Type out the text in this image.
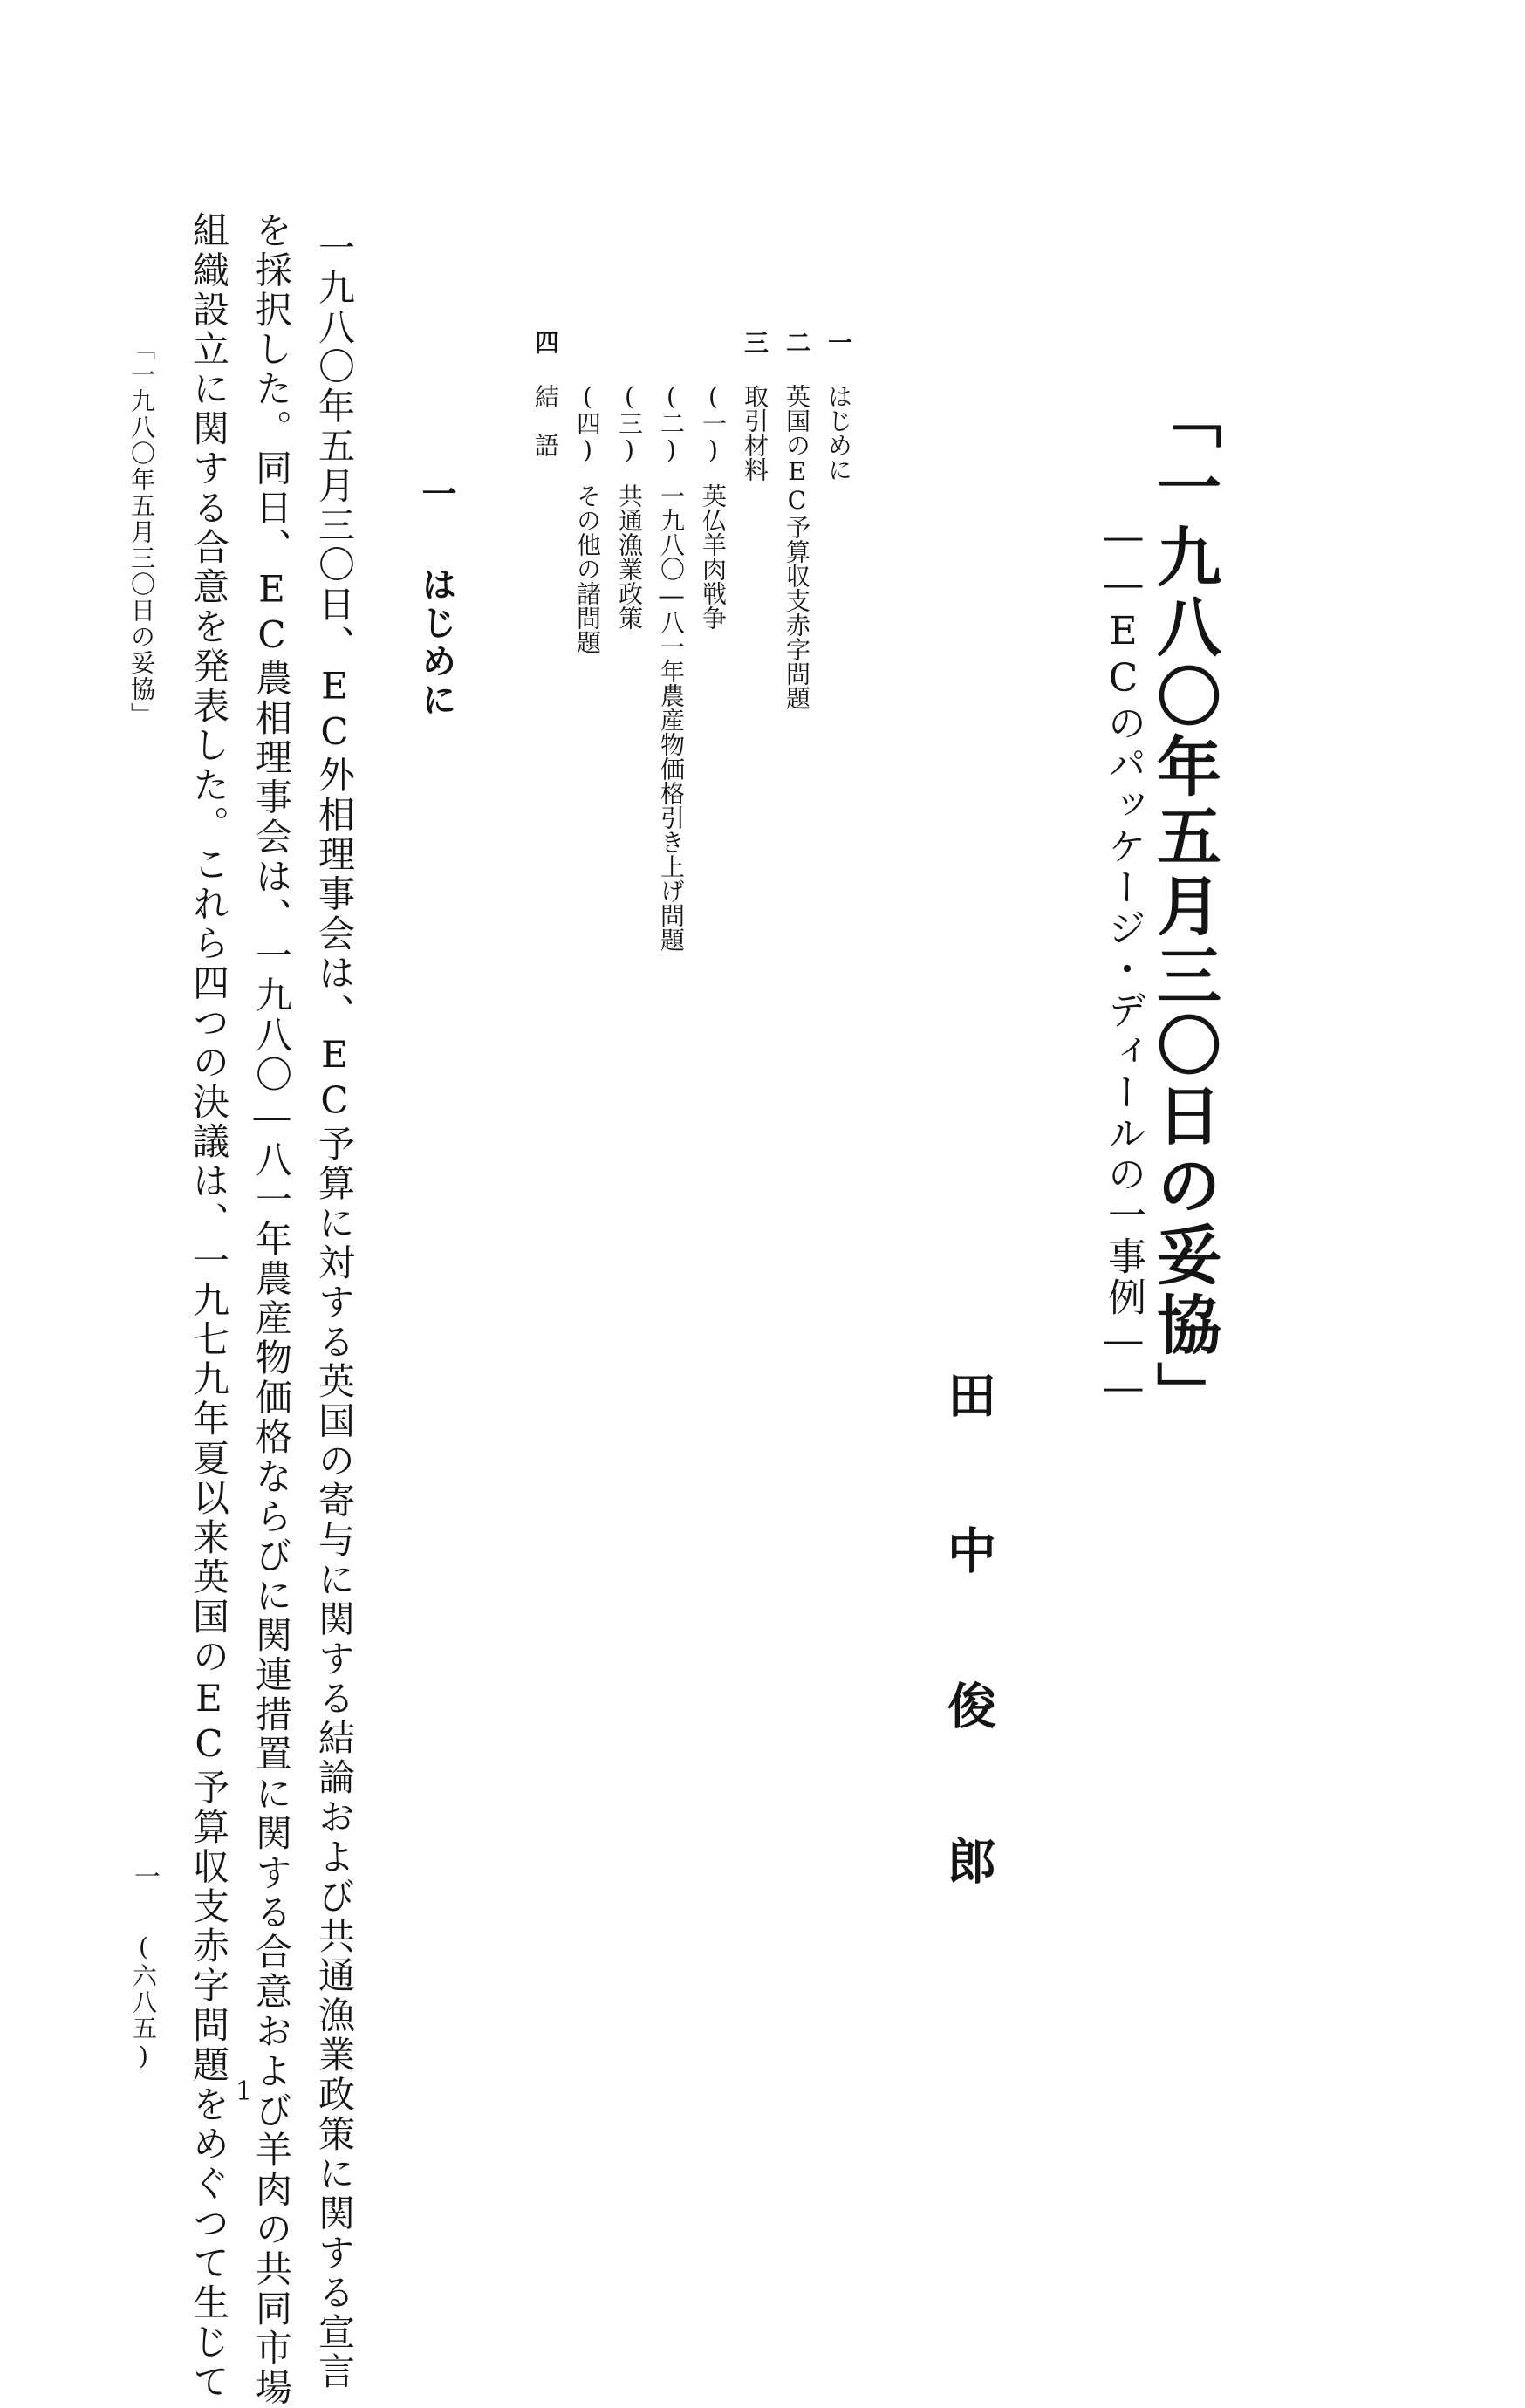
「一九八〇年五月三〇日の妥協」
――ECのパッケージ・ディールの一事例――
田中俊郎
一はじめに
二英国のEC予算収支赤字問題
三取引材料
(一)英仏羊肉戦争
(二)一九八〇―八一年農産物価格引き上げ問題
(三)共通漁業政策
(四)その他の諸問題
四結　語
一はじめに
一九八〇年五月三〇日、EC外相理事会は、EC予算に対する英国の寄与に関する結論および共通漁業政策に関する宣言
を採択した。同日、EC農相理事会は、一九八〇―八一年農産物価格ならびに関連措置に関する合意および羊肉の共同市場
組織設立に関する合意を発表した。これら四つの決議は、一九七九年夏以来英国のEC予算収支赤字問題をめぐつて生じて
「一九八〇年五月三〇日の妥協」
一
(六八五)
1
